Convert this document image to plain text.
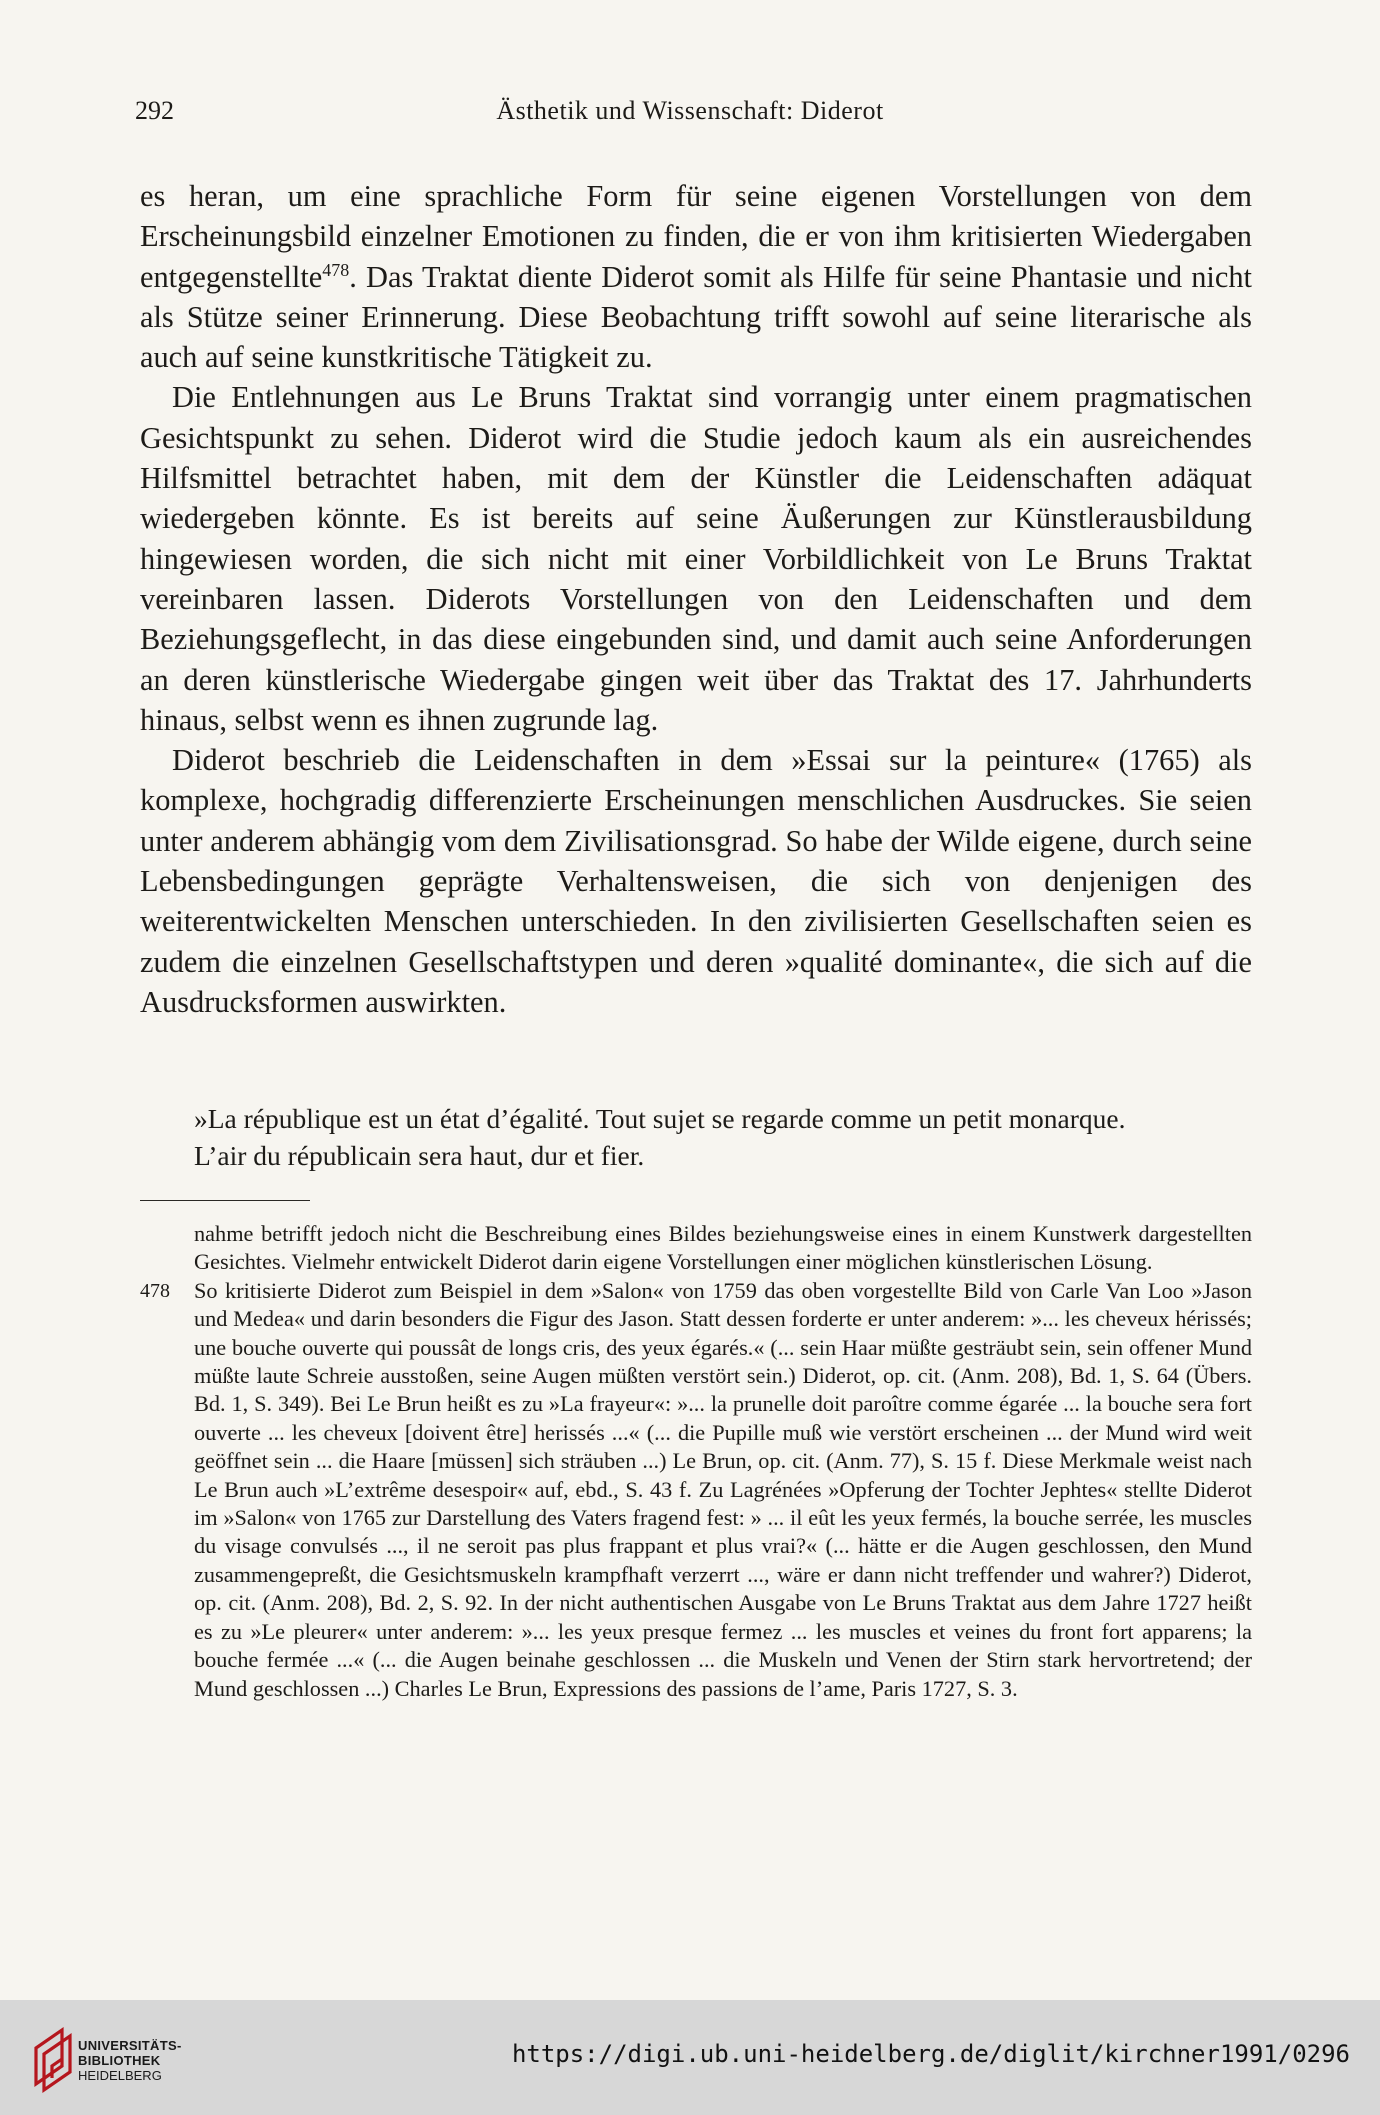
292	Ästhetik und Wissenschaft: Diderot

es heran, um eine sprachliche Form für seine eigenen Vorstellungen von dem Erscheinungsbild einzelner Emotionen zu finden, die er von ihm kritisierten Wiedergaben entgegenstellte$^{478}$. Das Traktat diente Diderot somit als Hilfe für seine Phantasie und nicht als Stütze seiner Erinnerung. Diese Beobachtung trifft sowohl auf seine literarische als auch auf seine kunstkritische Tätigkeit zu.

Die Entlehnungen aus Le Bruns Traktat sind vorrangig unter einem pragmatischen Gesichtspunkt zu sehen. Diderot wird die Studie jedoch kaum als ein ausreichendes Hilfsmittel betrachtet haben, mit dem der Künstler die Leidenschaften adäquat wiedergeben könnte. Es ist bereits auf seine Äußerungen zur Künstlerausbildung hingewiesen worden, die sich nicht mit einer Vorbildlichkeit von Le Bruns Traktat vereinbaren lassen. Diderots Vorstellungen von den Leidenschaften und dem Beziehungsgeflecht, in das diese eingebunden sind, und damit auch seine Anforderungen an deren künstlerische Wiedergabe gingen weit über das Traktat des 17. Jahrhunderts hinaus, selbst wenn es ihnen zugrunde lag.

Diderot beschrieb die Leidenschaften in dem »Essai sur la peinture« (1765) als komplexe, hochgradig differenzierte Erscheinungen menschlichen Ausdruckes. Sie seien unter anderem abhängig vom dem Zivilisationsgrad. So habe der Wilde eigene, durch seine Lebensbedingungen geprägte Verhaltensweisen, die sich von denjenigen des weiterentwickelten Menschen unterschieden. In den zivilisierten Gesellschaften seien es zudem die einzelnen Gesellschaftstypen und deren »qualité dominante«, die sich auf die Ausdrucksformen auswirkten.

»La république est un état d’égalité. Tout sujet se regarde comme un petit monarque.

L’air du républicain sera haut, dur et fier.

nahme betrifft jedoch nicht die Beschreibung eines Bildes beziehungsweise eines in einem Kunstwerk dargestellten Gesichtes. Vielmehr entwickelt Diderot darin eigene Vorstellungen einer möglichen künstlerischen Lösung.

478 So kritisierte Diderot zum Beispiel in dem »Salon« von 1759 das oben vorgestellte Bild von Carle Van Loo »Jason und Medea« und darin besonders die Figur des Jason. Statt dessen forderte er unter anderem: »... les cheveux hérissés; une bouche ouverte qui poussât de longs cris, des yeux égarés.« (... sein Haar müßte gesträubt sein, sein offener Mund müßte laute Schreie ausstoßen, seine Augen müßten verstört sein.) Diderot, op. cit. (Anm. 208), Bd. 1, S. 64 (Übers. Bd. 1, S. 349). Bei Le Brun heißt es zu »La frayeur«: »... la prunelle doit paroître comme égarée ... la bouche sera fort ouverte ... les cheveux [doivent être] herissés ...« (... die Pupille muß wie verstört erscheinen ... der Mund wird weit geöffnet sein ... die Haare [müssen] sich sträuben ...) Le Brun, op. cit. (Anm. 77), S. 15 f. Diese Merkmale weist nach Le Brun auch »L’extrême desespoir« auf, ebd., S. 43 f. Zu Lagrénées »Opferung der Tochter Jephtes« stellte Diderot im »Salon« von 1765 zur Darstellung des Vaters fragend fest: » ... il eût les yeux fermés, la bouche serrée, les muscles du visage convulsés ..., il ne seroit pas plus frappant et plus vrai?« (... hätte er die Augen geschlossen, den Mund zusammengepreßt, die Gesichtsmuskeln krampfhaft verzerrt ..., wäre er dann nicht treffender und wahrer?) Diderot, op. cit. (Anm. 208), Bd. 2, S. 92. In der nicht authentischen Ausgabe von Le Bruns Traktat aus dem Jahre 1727 heißt es zu »Le pleurer« unter anderem: »... les yeux presque fermez ... les muscles et veines du front fort apparens; la bouche fermée ...« (... die Augen beinahe geschlossen ... die Muskeln und Venen der Stirn stark hervortretend; der Mund geschlossen ...) Charles Le Brun, Expressions des passions de l’ame, Paris 1727, S. 3.

UNIVERSITÄTS-
BIBLIOTHEK
HEIDELBERG
https://digi.ub.uni-heidelberg.de/diglit/kirchner1991/0296
